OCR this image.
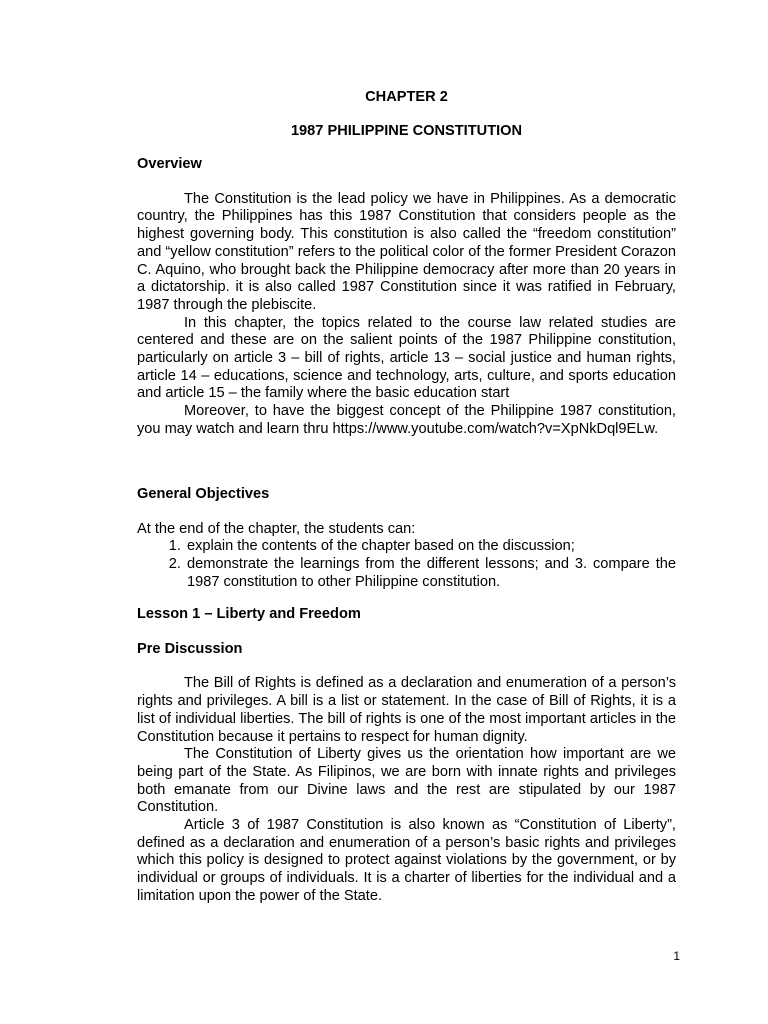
CHAPTER 2
1987 PHILIPPINE CONSTITUTION

Overview

The Constitution is the lead policy we have in Philippines. As a democratic country, the Philippines has this 1987 Constitution that considers people as the highest governing body. This constitution is also called the “freedom constitution” and “yellow constitution” refers to the political color of the former President Corazon C. Aquino, who brought back the Philippine democracy after more than 20 years in a dictatorship. it is also called 1987 Constitution since it was ratified in February, 1987 through the plebiscite.

In this chapter, the topics related to the course law related studies are centered and these are on the salient points of the 1987 Philippine constitution, particularly on article 3 – bill of rights, article 13 – social justice and human rights, article 14 – educations, science and technology, arts, culture, and sports education and article 15 – the family where the basic education start

Moreover, to have the biggest concept of the Philippine 1987 constitution, you may watch and learn thru https://www.youtube.com/watch?v=XpNkDql9ELw.

General Objectives

At the end of the chapter, the students can:

1. explain the contents of the chapter based on the discussion;
2. demonstrate the learnings from the different lessons; and 3. compare the 1987 constitution to other Philippine constitution.

Lesson 1 – Liberty and Freedom

Pre Discussion

The Bill of Rights is defined as a declaration and enumeration of a person’s rights and privileges. A bill is a list or statement. In the case of Bill of Rights, it is a list of individual liberties. The bill of rights is one of the most important articles in the Constitution because it pertains to respect for human dignity.

The Constitution of Liberty gives us the orientation how important are we being part of the State. As Filipinos, we are born with innate rights and privileges both emanate from our Divine laws and the rest are stipulated by our 1987 Constitution.

Article 3 of 1987 Constitution is also known as “Constitution of Liberty”, defined as a declaration and enumeration of a person’s basic rights and privileges which this policy is designed to protect against violations by the government, or by individual or groups of individuals. It is a charter of liberties for the individual and a limitation upon the power of the State.

1
